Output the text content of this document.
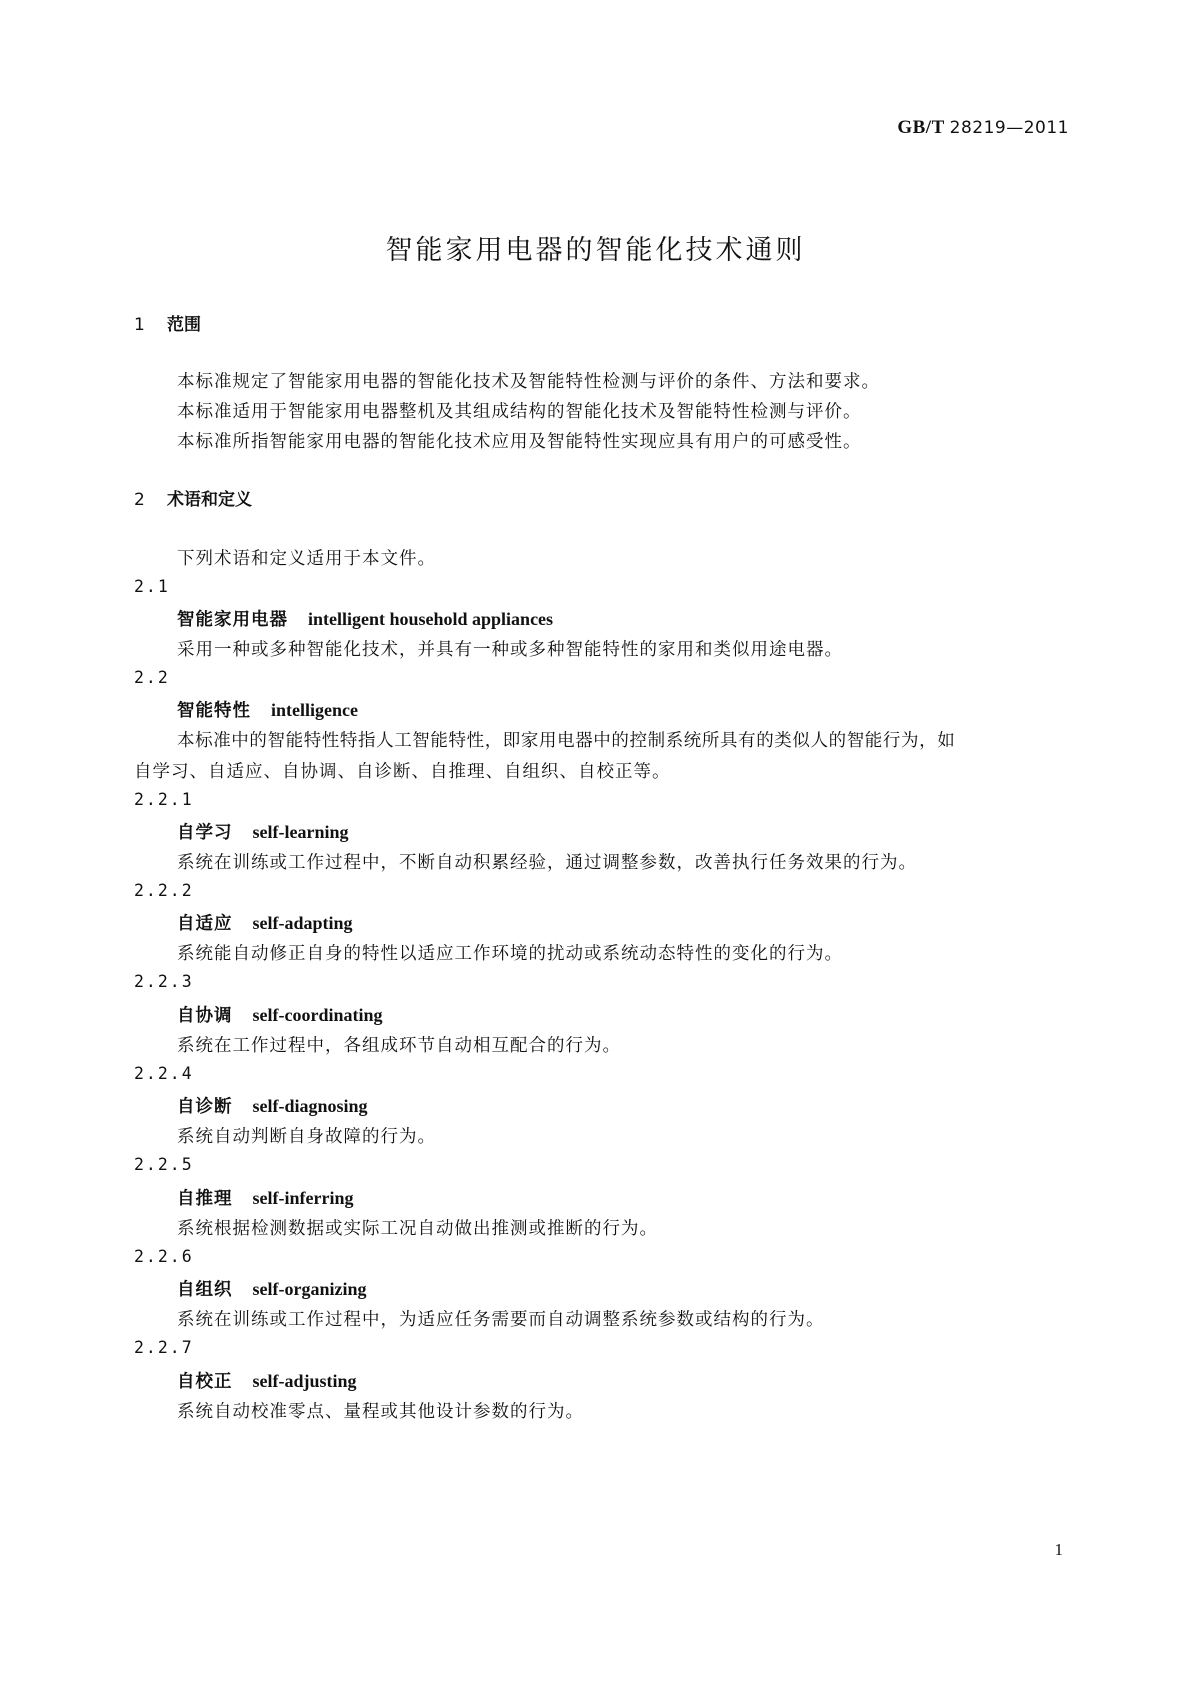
GB/T 28219—2011
智能家用电器的智能化技术通则
1 范围
本标准规定了智能家用电器的智能化技术及智能特性检测与评价的条件、方法和要求。
本标准适用于智能家用电器整机及其组成结构的智能化技术及智能特性检测与评价。
本标准所指智能家用电器的智能化技术应用及智能特性实现应具有用户的可感受性。
2 术语和定义
下列术语和定义适用于本文件。
2.1
智能家用电器 intelligent household appliances
采用一种或多种智能化技术，并具有一种或多种智能特性的家用和类似用途电器。
2.2
智能特性 intelligence
本标准中的智能特性特指人工智能特性，即家用电器中的控制系统所具有的类似人的智能行为，如
自学习、自适应、自协调、自诊断、自推理、自组织、自校正等。
2.2.1
自学习 self-learning
系统在训练或工作过程中，不断自动积累经验，通过调整参数，改善执行任务效果的行为。
2.2.2
自适应 self-adapting
系统能自动修正自身的特性以适应工作环境的扰动或系统动态特性的变化的行为。
2.2.3
自协调 self-coordinating
系统在工作过程中，各组成环节自动相互配合的行为。
2.2.4
自诊断 self-diagnosing
系统自动判断自身故障的行为。
2.2.5
自推理 self-inferring
系统根据检测数据或实际工况自动做出推测或推断的行为。
2.2.6
自组织 self-organizing
系统在训练或工作过程中，为适应任务需要而自动调整系统参数或结构的行为。
2.2.7
自校正 self-adjusting
系统自动校准零点、量程或其他设计参数的行为。
1
